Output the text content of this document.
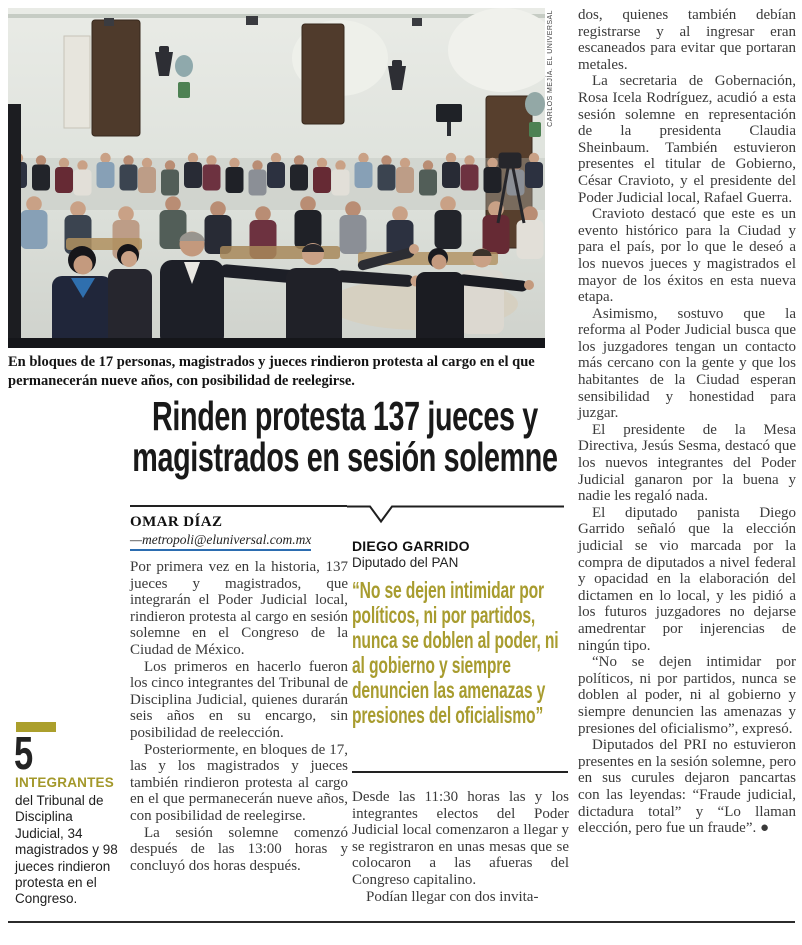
CARLOS MEJÍA. EL UNIVERSAL

En bloques de 17 personas, magistrados y jueces rindieron protesta al cargo en el que permanecerán nueve años, con posibilidad de reelegirse.

Rinden protesta 137 jueces y
magistrados en sesión solemne
OMAR DÍAZ
—metropoli@eluniversal.com.mx

Por primera vez en la historia, 137 jueces y magistrados, que integrarán el Poder Judicial local, rindieron protesta al cargo en sesión solemne en el Congreso de la Ciudad de México.

Los primeros en hacerlo fueron los cinco integrantes del Tribunal de Disciplina Judicial, quienes durarán seis años en su encargo, sin posibilidad de reelección.

Posteriormente, en bloques de 17, las y los magistrados y jueces también rindieron protesta al cargo en el que permanecerán nueve años, con posibilidad de reelegirse.

La sesión solemne comenzó después de las 13:00 horas y concluyó dos horas después.

DIEGO GARRIDO
Diputado del PAN
“No se dejen intimidar por políticos, ni por partidos, nunca se doblen al poder, ni al gobierno y siempre denuncien las amenazas y presiones del oficialismo”

Desde las 11:30 horas las y los integrantes electos del Poder Judicial local comenzaron a llegar y se registraron en unas mesas que se colocaron a las afueras del Congreso capitalino.

Podían llegar con dos invita-

dos, quienes también debían registrarse y al ingresar eran escaneados para evitar que portaran metales.

La secretaria de Gobernación, Rosa Icela Rodríguez, acudió a esta sesión solemne en representación de la presidenta Claudia Sheinbaum. También estuvieron presentes el titular de Gobierno, César Cravioto, y el presidente del Poder Judicial local, Rafael Guerra.

Cravioto destacó que este es un evento histórico para la Ciudad y para el país, por lo que le deseó a los nuevos jueces y magistrados el mayor de los éxitos en esta nueva etapa.

Asimismo, sostuvo que la reforma al Poder Judicial busca que los juzgadores tengan un contacto más cercano con la gente y que los habitantes de la Ciudad esperan sensibilidad y honestidad para juzgar.

El presidente de la Mesa Directiva, Jesús Sesma, destacó que los nuevos integrantes del Poder Judicial ganaron por la buena y nadie les regaló nada.

El diputado panista Diego Garrido señaló que la elección judicial se vio marcada por la compra de diputados a nivel federal y opacidad en la elaboración del dictamen en lo local, y les pidió a los futuros juzgadores no dejarse amedrentar por injerencias de ningún tipo.

“No se dejen intimidar por políticos, ni por partidos, nunca se doblen al poder, ni al gobierno y siempre denuncien las amenazas y presiones del oficialismo”, expresó.

Diputados del PRI no estuvieron presentes en la sesión solemne, pero en sus curules dejaron pancartas con las leyendas: “Fraude judicial, dictadura total” y “Lo llaman elección, pero fue un fraude”. ●

5
INTEGRANTES

del Tribunal de Disciplina Judicial, 34 magistrados y 98 jueces rindieron protesta en el Congreso.
